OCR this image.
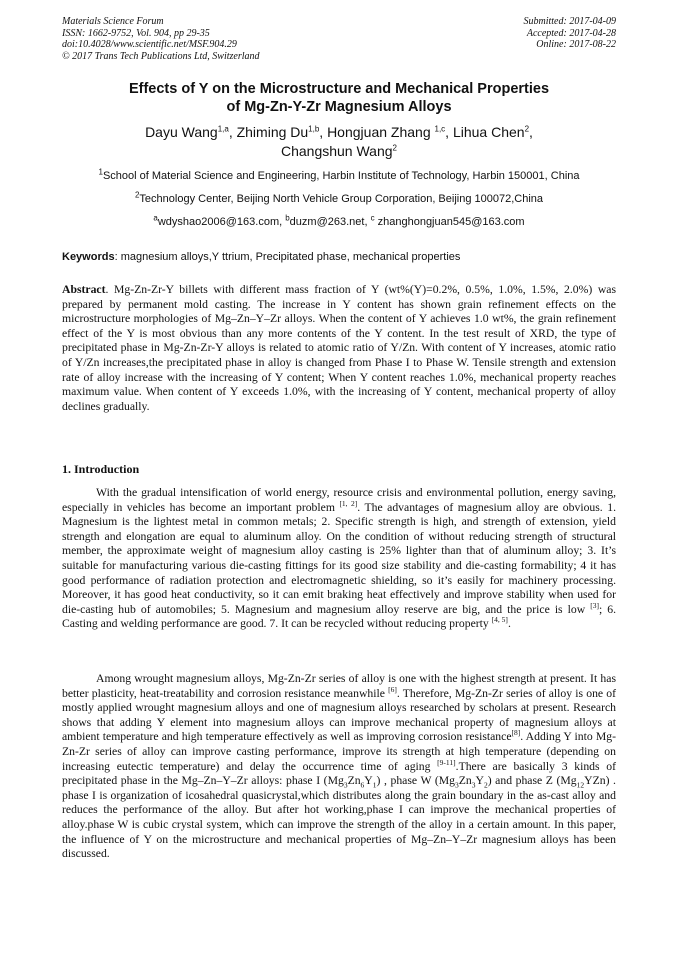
Materials Science Forum
ISSN: 1662-9752, Vol. 904, pp 29-35
doi:10.4028/www.scientific.net/MSF.904.29
© 2017 Trans Tech Publications Ltd, Switzerland
Submitted: 2017-04-09
Accepted: 2017-04-28
Online: 2017-08-22
Effects of Y on the Microstructure and Mechanical Properties
of Mg-Zn-Y-Zr Magnesium Alloys
Dayu Wang$^{1,a}$, Zhiming Du$^{1,b}$, Hongjuan Zhang $^{1,c}$, Lihua Chen$^2$,
Changshun Wang$^2$
$^1$School of Material Science and Engineering, Harbin Institute of Technology, Harbin 150001, China
$^2$Technology Center, Beijing North Vehicle Group Corporation, Beijing 100072,China
$^a$wdyshao2006@163.com, $^b$duzm@263.net, $^c$ zhanghongjuan545@163.com
Keywords: magnesium alloys,Y ttrium, Precipitated phase, mechanical properties
Abstract. Mg-Zn-Zr-Y billets with different mass fraction of Y (wt%(Y)=0.2%, 0.5%, 1.0%, 1.5%, 2.0%) was prepared by permanent mold casting. The increase in Y content has shown grain refinement effects on the microstructure morphologies of Mg–Zn–Y–Zr alloys. When the content of Y achieves 1.0 wt%, the grain refinement effect of the Y is most obvious than any more contents of the Y content. In the test result of XRD, the type of precipitated phase in Mg-Zn-Zr-Y alloys is related to atomic ratio of Y/Zn. With content of Y increases, atomic ratio of Y/Zn increases,the precipitated phase in alloy is changed from Phase I to Phase W. Tensile strength and extension rate of alloy increase with the increasing of Y content; When Y content reaches 1.0%, mechanical property reaches maximum value. When content of Y exceeds 1.0%, with the increasing of Y content, mechanical property of alloy declines gradually.
1. Introduction
With the gradual intensification of world energy, resource crisis and environmental pollution, energy saving, especially in vehicles has become an important problem [1, 2]. The advantages of magnesium alloy are obvious. 1. Magnesium is the lightest metal in common metals; 2. Specific strength is high, and strength of extension, yield strength and elongation are equal to aluminum alloy. On the condition of without reducing strength of structural member, the approximate weight of magnesium alloy casting is 25% lighter than that of aluminum alloy; 3. It’s suitable for manufacturing various die-casting fittings for its good size stability and die-casting formability; 4 it has good performance of radiation protection and electromagnetic shielding, so it’s easily for machinery processing. Moreover, it has good heat conductivity, so it can emit braking heat effectively and improve stability when used for die-casting hub of automobiles; 5. Magnesium and magnesium alloy reserve are big, and the price is low [3]; 6. Casting and welding performance are good. 7. It can be recycled without reducing property [4, 5].
Among wrought magnesium alloys, Mg-Zn-Zr series of alloy is one with the highest strength at present. It has better plasticity, heat-treatability and corrosion resistance meanwhile [6]. Therefore, Mg-Zn-Zr series of alloy is one of mostly applied wrought magnesium alloys and one of magnesium alloys researched by scholars at present. Research shows that adding Y element into magnesium alloys can improve mechanical property of magnesium alloys at ambient temperature and high temperature effectively as well as improving corrosion resistance[8]. Adding Y into Mg-Zn-Zr series of alloy can improve casting performance, improve its strength at high temperature (depending on increasing eutectic temperature) and delay the occurrence time of aging [9-11].There are basically 3 kinds of precipitated phase in the Mg–Zn–Y–Zr alloys: phase I $(Mg_3Zn_6Y_1)$ , phase W $(Mg_3Zn_3Y_2)$ and phase Z $(Mg_{12}YZn)$ . phase I is organization of icosahedral quasicrystal,which distributes along the grain boundary in the as-cast alloy and reduces the performance of the alloy. But after hot working,phase I can improve the mechanical properties of alloy.phase W is cubic crystal system, which can improve the strength of the alloy in a certain amount. In this paper, the influence of Y on the microstructure and mechanical properties of Mg–Zn–Y–Zr magnesium alloys has been discussed.
